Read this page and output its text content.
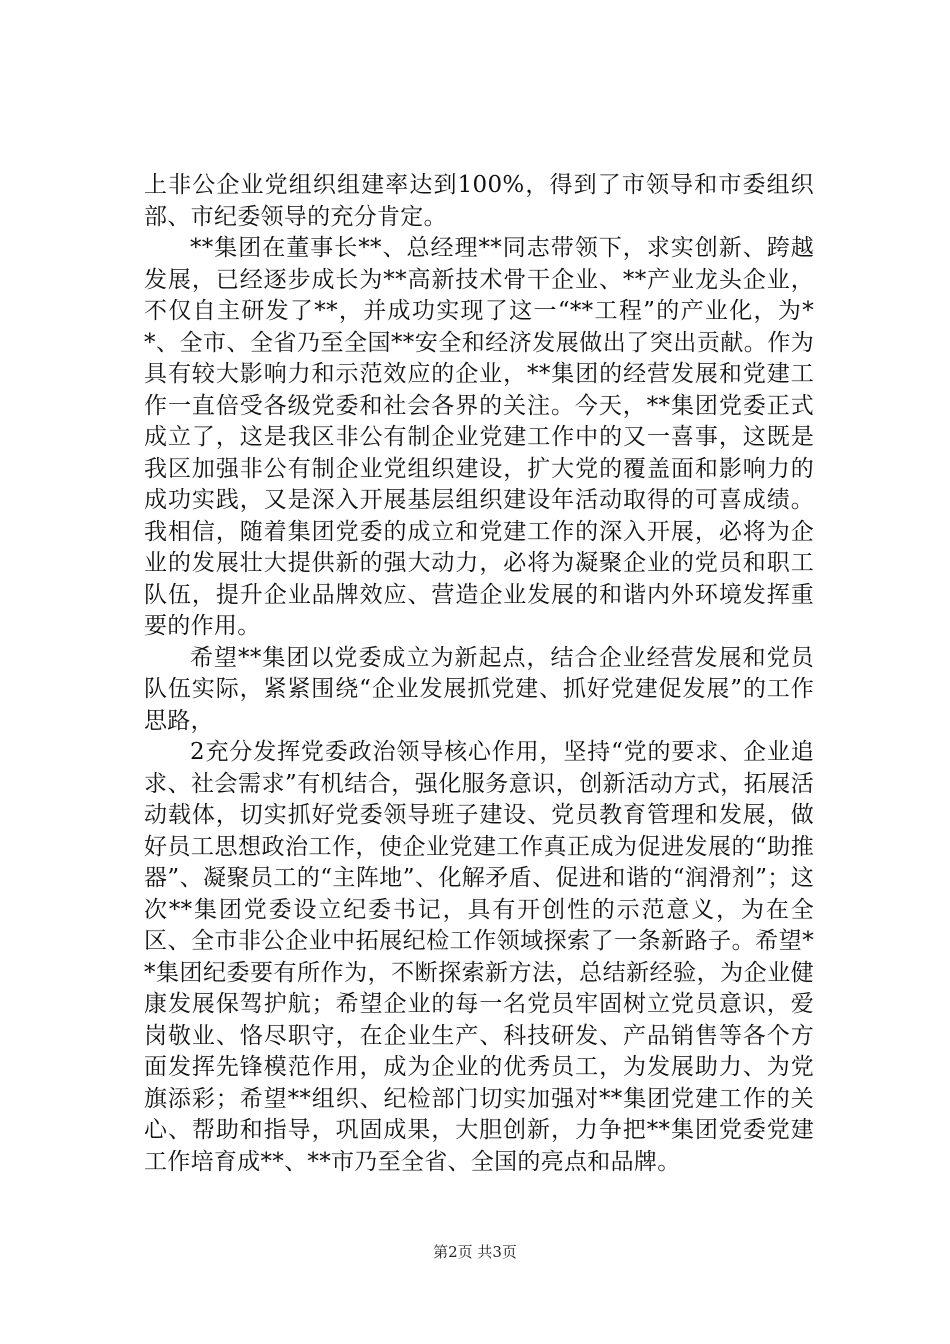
上非公企业党组织组建率达到100%，得到了市领导和市委组织部、市纪委领导的充分肯定。

**集团在董事长**、总经理**同志带领下，求实创新、跨越发展，已经逐步成长为**高新技术骨干企业、**产业龙头企业，不仅自主研发了**，并成功实现了这一“**工程”的产业化，为**、全市、全省乃至全国**安全和经济发展做出了突出贡献。作为具有较大影响力和示范效应的企业，**集团的经营发展和党建工作一直倍受各级党委和社会各界的关注。今天，**集团党委正式成立了，这是我区非公有制企业党建工作中的又一喜事，这既是我区加强非公有制企业党组织建设，扩大党的覆盖面和影响力的成功实践，又是深入开展基层组织建设年活动取得的可喜成绩。我相信，随着集团党委的成立和党建工作的深入开展，必将为企业的发展壮大提供新的强大动力，必将为凝聚企业的党员和职工队伍，提升企业品牌效应、营造企业发展的和谐内外环境发挥重要的作用。

希望**集团以党委成立为新起点，结合企业经营发展和党员队伍实际，紧紧围绕“企业发展抓党建、抓好党建促发展”的工作思路，

2充分发挥党委政治领导核心作用，坚持“党的要求、企业追求、社会需求”有机结合，强化服务意识，创新活动方式，拓展活动载体，切实抓好党委领导班子建设、党员教育管理和发展，做好员工思想政治工作，使企业党建工作真正成为促进发展的“助推器”、凝聚员工的“主阵地”、化解矛盾、促进和谐的“润滑剂”；这次**集团党委设立纪委书记，具有开创性的示范意义，为在全区、全市非公企业中拓展纪检工作领域探索了一条新路子。希望**集团纪委要有所作为，不断探索新方法，总结新经验，为企业健康发展保驾护航；希望企业的每一名党员牢固树立党员意识，爱岗敬业、恪尽职守，在企业生产、科技研发、产品销售等各个方面发挥先锋模范作用，成为企业的优秀员工，为发展助力、为党旗添彩；希望**组织、纪检部门切实加强对**集团党建工作的关心、帮助和指导，巩固成果，大胆创新，力争把**集团党委党建工作培育成**、**市乃至全省、全国的亮点和品牌。

第2页 共3页
